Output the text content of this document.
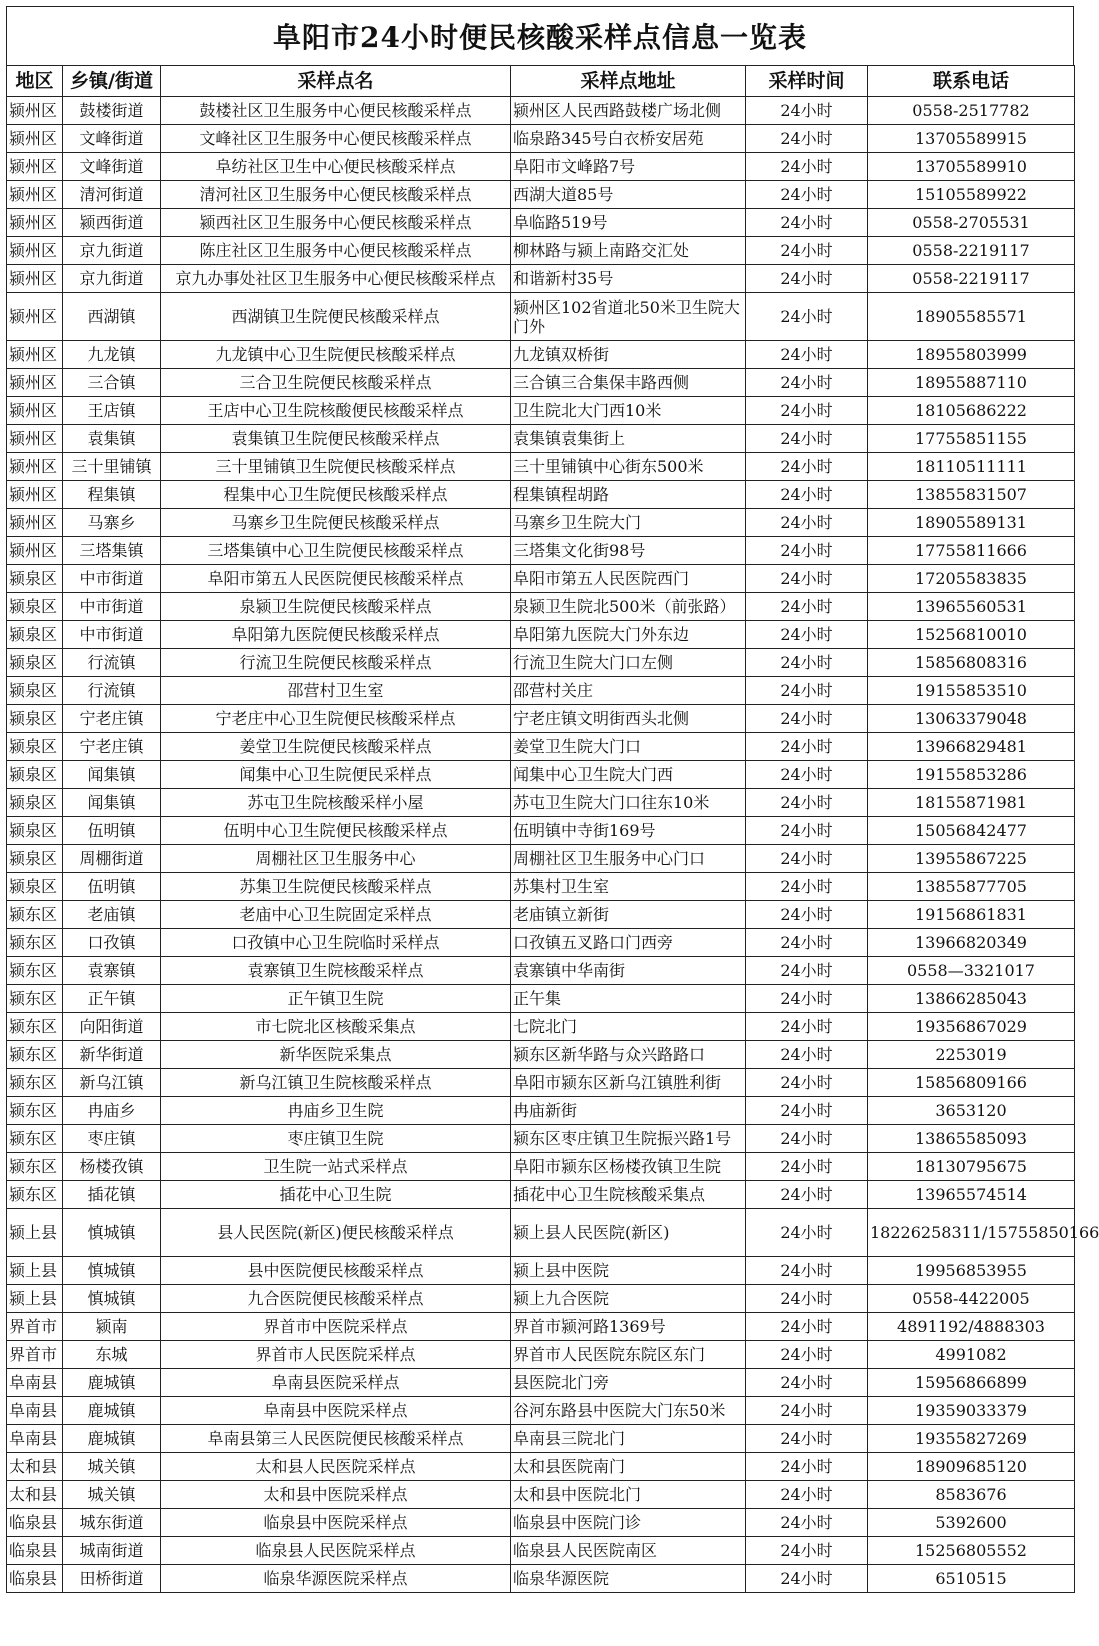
阜阳市24小时便民核酸采样点信息一览表
地区	乡镇/街道	采样点名	采样点地址	采样时间	联系电话
颍州区	鼓楼街道	鼓楼社区卫生服务中心便民核酸采样点	颍州区人民西路鼓楼广场北侧	24小时	0558-2517782
颍州区	文峰街道	文峰社区卫生服务中心便民核酸采样点	临泉路345号白衣桥安居苑	24小时	13705589915
颍州区	文峰街道	阜纺社区卫生中心便民核酸采样点	阜阳市文峰路7号	24小时	13705589910
颍州区	清河街道	清河社区卫生服务中心便民核酸采样点	西湖大道85号	24小时	15105589922
颍州区	颍西街道	颍西社区卫生服务中心便民核酸采样点	阜临路519号	24小时	0558-2705531
颍州区	京九街道	陈庄社区卫生服务中心便民核酸采样点	柳林路与颍上南路交汇处	24小时	0558-2219117
颍州区	京九街道	京九办事处社区卫生服务中心便民核酸采样点	和谐新村35号	24小时	0558-2219117
颍州区	西湖镇	西湖镇卫生院便民核酸采样点	颍州区102省道北50米卫生院大门外	24小时	18905585571
颍州区	九龙镇	九龙镇中心卫生院便民核酸采样点	九龙镇双桥街	24小时	18955803999
颍州区	三合镇	三合卫生院便民核酸采样点	三合镇三合集保丰路西侧	24小时	18955887110
颍州区	王店镇	王店中心卫生院核酸便民核酸采样点	卫生院北大门西10米	24小时	18105686222
颍州区	袁集镇	袁集镇卫生院便民核酸采样点	袁集镇袁集街上	24小时	17755851155
颍州区	三十里铺镇	三十里铺镇卫生院便民核酸采样点	三十里铺镇中心街东500米	24小时	18110511111
颍州区	程集镇	程集中心卫生院便民核酸采样点	程集镇程胡路	24小时	13855831507
颍州区	马寨乡	马寨乡卫生院便民核酸采样点	马寨乡卫生院大门	24小时	18905589131
颍州区	三塔集镇	三塔集镇中心卫生院便民核酸采样点	三塔集文化街98号	24小时	17755811666
颍泉区	中市街道	阜阳市第五人民医院便民核酸采样点	阜阳市第五人民医院西门	24小时	17205583835
颍泉区	中市街道	泉颍卫生院便民核酸采样点	泉颍卫生院北500米（前张路）	24小时	13965560531
颍泉区	中市街道	阜阳第九医院便民核酸采样点	阜阳第九医院大门外东边	24小时	15256810010
颍泉区	行流镇	行流卫生院便民核酸采样点	行流卫生院大门口左侧	24小时	15856808316
颍泉区	行流镇	邵营村卫生室	邵营村关庄	24小时	19155853510
颍泉区	宁老庄镇	宁老庄中心卫生院便民核酸采样点	宁老庄镇文明街西头北侧	24小时	13063379048
颍泉区	宁老庄镇	姜堂卫生院便民核酸采样点	姜堂卫生院大门口	24小时	13966829481
颍泉区	闻集镇	闻集中心卫生院便民采样点	闻集中心卫生院大门西	24小时	19155853286
颍泉区	闻集镇	苏屯卫生院核酸采样小屋	苏屯卫生院大门口往东10米	24小时	18155871981
颍泉区	伍明镇	伍明中心卫生院便民核酸采样点	伍明镇中寺街169号	24小时	15056842477
颍泉区	周棚街道	周棚社区卫生服务中心	周棚社区卫生服务中心门口	24小时	13955867225
颍泉区	伍明镇	苏集卫生院便民核酸采样点	苏集村卫生室	24小时	13855877705
颍东区	老庙镇	老庙中心卫生院固定采样点	老庙镇立新街	24小时	19156861831
颍东区	口孜镇	口孜镇中心卫生院临时采样点	口孜镇五叉路口门西旁	24小时	13966820349
颍东区	袁寨镇	袁寨镇卫生院核酸采样点	袁寨镇中华南街	24小时	0558—3321017
颍东区	正午镇	正午镇卫生院	正午集	24小时	13866285043
颍东区	向阳街道	市七院北区核酸采集点	七院北门	24小时	19356867029
颍东区	新华街道	新华医院采集点	颍东区新华路与众兴路路口	24小时	2253019
颍东区	新乌江镇	新乌江镇卫生院核酸采样点	阜阳市颍东区新乌江镇胜利街	24小时	15856809166
颍东区	冉庙乡	冉庙乡卫生院	冉庙新街	24小时	3653120
颍东区	枣庄镇	枣庄镇卫生院	颍东区枣庄镇卫生院振兴路1号	24小时	13865585093
颍东区	杨楼孜镇	卫生院一站式采样点	阜阳市颍东区杨楼孜镇卫生院	24小时	18130795675
颍东区	插花镇	插花中心卫生院	插花中心卫生院核酸采集点	24小时	13965574514
颍上县	慎城镇	县人民医院(新区)便民核酸采样点	颍上县人民医院(新区)	24小时	18226258311/15755850166
颍上县	慎城镇	县中医院便民核酸采样点	颍上县中医院	24小时	19956853955
颍上县	慎城镇	九合医院便民核酸采样点	颍上九合医院	24小时	0558-4422005
界首市	颍南	界首市中医院采样点	界首市颍河路1369号	24小时	4891192/4888303
界首市	东城	界首市人民医院采样点	界首市人民医院东院区东门	24小时	4991082
阜南县	鹿城镇	阜南县医院采样点	县医院北门旁	24小时	15956866899
阜南县	鹿城镇	阜南县中医院采样点	谷河东路县中医院大门东50米	24小时	19359033379
阜南县	鹿城镇	阜南县第三人民医院便民核酸采样点	阜南县三院北门	24小时	19355827269
太和县	城关镇	太和县人民医院采样点	太和县医院南门	24小时	18909685120
太和县	城关镇	太和县中医院采样点	太和县中医院北门	24小时	8583676
临泉县	城东街道	临泉县中医院采样点	临泉县中医院门诊	24小时	5392600
临泉县	城南街道	临泉县人民医院采样点	临泉县人民医院南区	24小时	15256805552
临泉县	田桥街道	临泉华源医院采样点	临泉华源医院	24小时	6510515
